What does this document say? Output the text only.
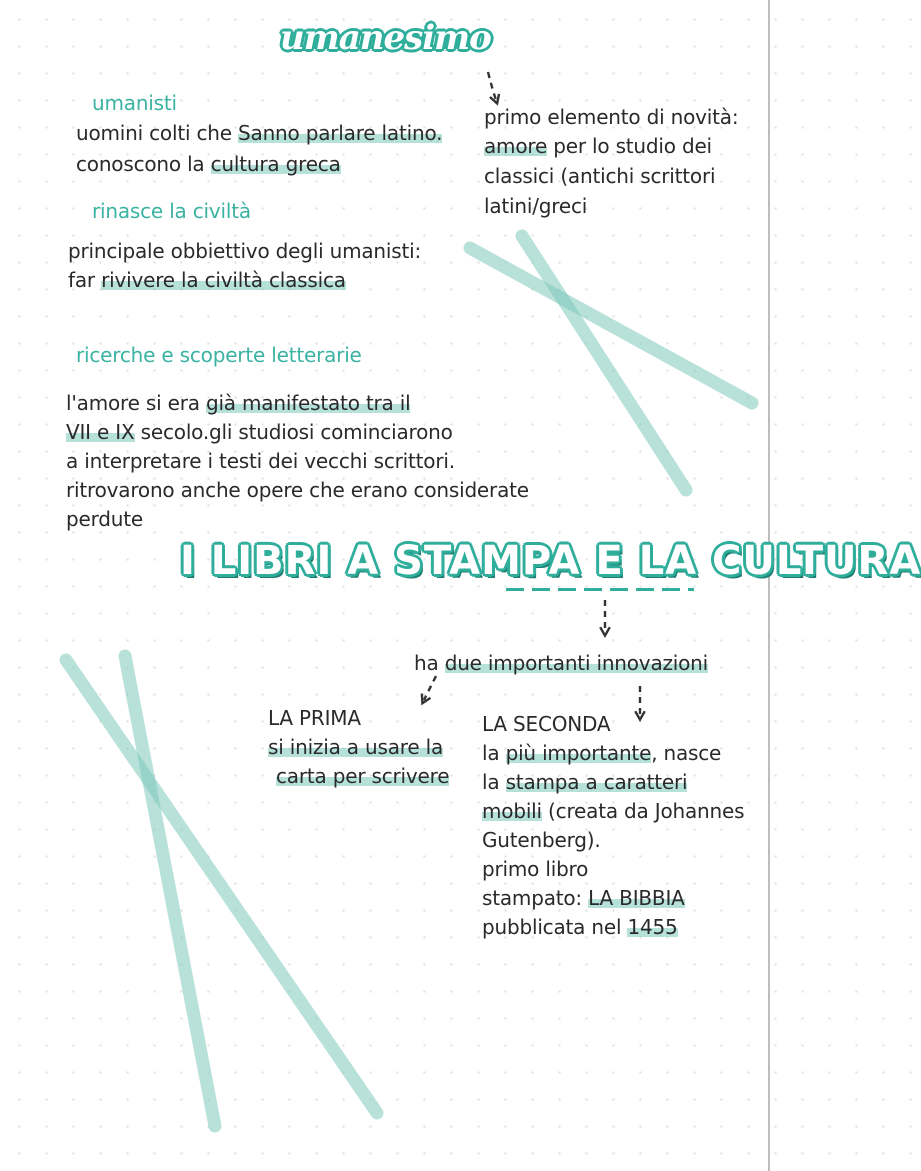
umanesimo
umanisti
uomini colti che Sanno parlare latino.
conoscono la cultura greca
primo elemento di novità:
amore per lo studio dei
classici (antichi scrittori
latini/greci
rinasce la civiltà
principale obbiettivo degli umanisti:
far rivivere la civiltà classica
ricerche e scoperte letterarie
l'amore si era già manifestato tra il
VII e IX secolo.gli studiosi cominciarono
a interpretare i testi dei vecchi scrittori.
ritrovarono anche opere che erano considerate
perdute
I LIBRI A STAMPA E LA CULTURA
ha due importanti innovazioni
LA PRIMA
si inizia a usare la
carta per scrivere
LA SECONDA
la più importante, nasce
la stampa a caratteri
mobili (creata da Johannes
Gutenberg).
primo libro
stampato: LA BIBBIA
pubblicata nel 1455
